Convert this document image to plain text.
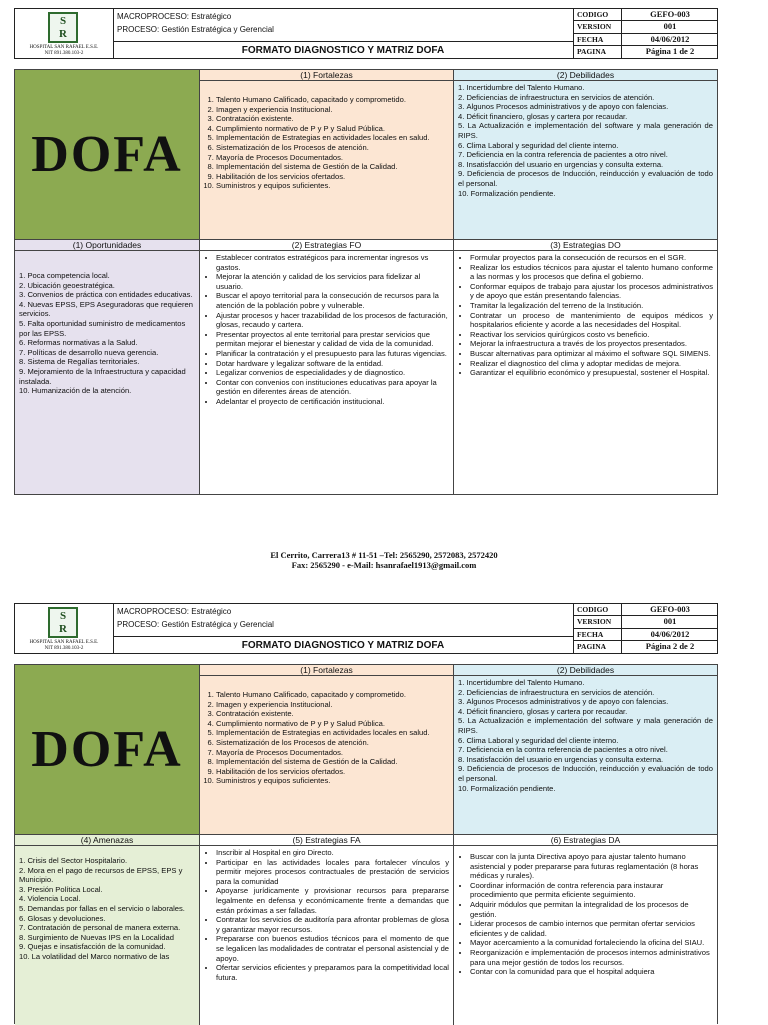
S
R
HOSPITAL SAN RAFAEL E.S.E.
NIT 891.380.103-2
MACROPROCESO: Estratégico
PROCESO: Gestión Estratégica y Gerencial
FORMATO DIAGNOSTICO Y MATRIZ DOFA
CODIGO	GEFO-003
VERSION	001
FECHA	04/06/2012
PAGINA	Página 1 de 2
DOFA
(1) Fortalezas
1. Talento Humano Calificado, capacitado y comprometido.
2. Imagen y experiencia Institucional.
3. Contratación existente.
4. Cumplimiento normativo de P y P y Salud Pública.
5. Implementación de Estrategias en actividades locales en salud.
6. Sistematización de los Procesos de atención.
7. Mayoría de Procesos Documentados.
8. Implementación del sistema de Gestión de la Calidad.
9. Habilitación de los servicios ofertados.
10. Suministros y equipos suficientes.
(2) Debilidades
1. Incertidumbre del Talento Humano.
2. Deficiencias de infraestructura en servicios de atención.
3. Algunos Procesos administrativos y de apoyo con falencias.
4. Déficit financiero, glosas y cartera por recaudar.
5. La Actualización e implementación del software y mala generación de RIPS.
6. Clima Laboral y seguridad del cliente interno.
7. Deficiencia en la contra referencia de pacientes a otro nivel.
8. Insatisfacción del usuario en urgencias y consulta externa.
9. Deficiencia de procesos de Inducción, reinducción y evaluación de todo el personal.
10. Formalización pendiente.
(1) Oportunidades
1. Poca competencia local.
2. Ubicación geoestratégica.
3. Convenios de práctica con entidades educativas.
4. Nuevas EPSS, EPS Aseguradoras que requieren servicios.
5. Falta oportunidad suministro de medicamentos por las EPSS.
6. Reformas normativas a la Salud.
7. Políticas de desarrollo nueva gerencia.
8. Sistema de Regalías territoriales.
9. Mejoramiento de la Infraestructura y capacidad instalada.
10. Humanización de la atención.
(2) Estrategias FO
• Establecer contratos estratégicos para incrementar ingresos vs gastos.
• Mejorar la atención y calidad de los servicios para fidelizar al usuario.
• Buscar el apoyo territorial para la consecución de recursos para la atención de la población pobre y vulnerable.
• Ajustar procesos y hacer trazabilidad de los procesos de facturación, glosas, recaudo y cartera.
• Presentar proyectos al ente territorial para prestar servicios que permitan mejorar el bienestar y calidad de vida de la comunidad.
• Planificar la contratación y el presupuesto para las futuras vigencias.
• Dotar hardware y legalizar software de la entidad.
• Legalizar convenios de especialidades y de diagnostico.
• Contar con convenios con instituciones educativas para apoyar la gestión en diferentes áreas de atención.
• Adelantar el proyecto de certificación institucional.
(3) Estrategias DO
• Formular proyectos para la consecución de recursos en el SGR.
• Realizar los estudios técnicos para ajustar el talento humano conforme a las normas y los procesos que defina el gobierno.
• Conformar equipos de trabajo para ajustar los procesos administrativos y de apoyo que están presentando falencias.
• Tramitar la legalización del terreno de la Institución.
• Contratar un proceso de mantenimiento de equipos médicos y hospitalarios eficiente y acorde a las necesidades del Hospital.
• Reactivar los servicios quirúrgicos costo vs beneficio.
• Mejorar la infraestructura a través de los proyectos presentados.
• Buscar alternativas para optimizar al máximo el software SQL SIMENS.
• Realizar el diagnostico del clima y adoptar medidas de mejora.
• Garantizar el equilibrio económico y presupuestal, sostener el Hospital.
El Cerrito, Carrera13 # 11-51 –Tel: 2565290, 2572083, 2572420
Fax: 2565290 - e-Mail: hsanrafael1913@gmail.com
S
R
HOSPITAL SAN RAFAEL E.S.E.
NIT 891.380.103-2
MACROPROCESO: Estratégico
PROCESO: Gestión Estratégica y Gerencial
FORMATO DIAGNOSTICO Y MATRIZ DOFA
CODIGO	GEFO-003
VERSION	001
FECHA	04/06/2012
PAGINA	Página 2 de 2
DOFA
(1) Fortalezas
1. Talento Humano Calificado, capacitado y comprometido.
2. Imagen y experiencia Institucional.
3. Contratación existente.
4. Cumplimiento normativo de P y P y Salud Pública.
5. Implementación de Estrategias en actividades locales en salud.
6. Sistematización de los Procesos de atención.
7. Mayoría de Procesos Documentados.
8. Implementación del sistema de Gestión de la Calidad.
9. Habilitación de los servicios ofertados.
10. Suministros y equipos suficientes.
(2) Debilidades
1. Incertidumbre del Talento Humano.
2. Deficiencias de infraestructura en servicios de atención.
3. Algunos Procesos administrativos y de apoyo con falencias.
4. Déficit financiero, glosas y cartera por recaudar.
5. La Actualización e implementación del software y mala generación de RIPS.
6. Clima Laboral y seguridad del cliente interno.
7. Deficiencia en la contra referencia de pacientes a otro nivel.
8. Insatisfacción del usuario en urgencias y consulta externa.
9. Deficiencia de procesos de Inducción, reinducción y evaluación de todo el personal.
10. Formalización pendiente.
(4) Amenazas
1. Crisis del Sector Hospitalario.
2. Mora en el pago de recursos de EPSS, EPS y Municipio.
3. Presión Política Local.
4. Violencia Local.
5. Demandas por fallas en el servicio o laborales.
6. Glosas y devoluciones.
7. Contratación de personal de manera externa.
8. Surgimiento de Nuevas IPS en la Localidad
9. Quejas e insatisfacción de la comunidad.
10. La volatilidad del Marco normativo de las
(5) Estrategias FA
• Inscribir al Hospital en giro Directo.
• Participar en las actividades locales para fortalecer vínculos y permitir mejores procesos contractuales de prestación de servicios para la comunidad
• Apoyarse jurídicamente y provisionar recursos para prepararse legalmente en defensa y económicamente frente a demandas que están próximas a ser falladas.
• Contratar los servicios de auditoría para afrontar problemas de glosa y garantizar mayor recursos.
• Prepararse con buenos estudios técnicos para el momento de que se legalicen las modalidades de contratar el personal asistencial y de apoyo.
• Ofertar servicios eficientes y preparamos para la competitividad local futura.
(6) Estrategias DA
• Buscar con la junta Directiva apoyo para ajustar talento humano asistencial y poder prepararse para futuras reglamentación (8 horas médicas y rurales).
• Coordinar información de contra referencia para instaurar procedimiento que permita eficiente seguimiento.
• Adquirir módulos que permitan la integralidad de los procesos de gestión.
• Liderar procesos de cambio internos que permitan ofertar servicios eficientes y de calidad.
• Mayor acercamiento a la comunidad fortaleciendo la oficina del SIAU.
• Reorganización e implementación de procesos internos administrativos para una mejor gestión de todos los recursos.
• Contar con la comunidad para que el hospital adquiera
